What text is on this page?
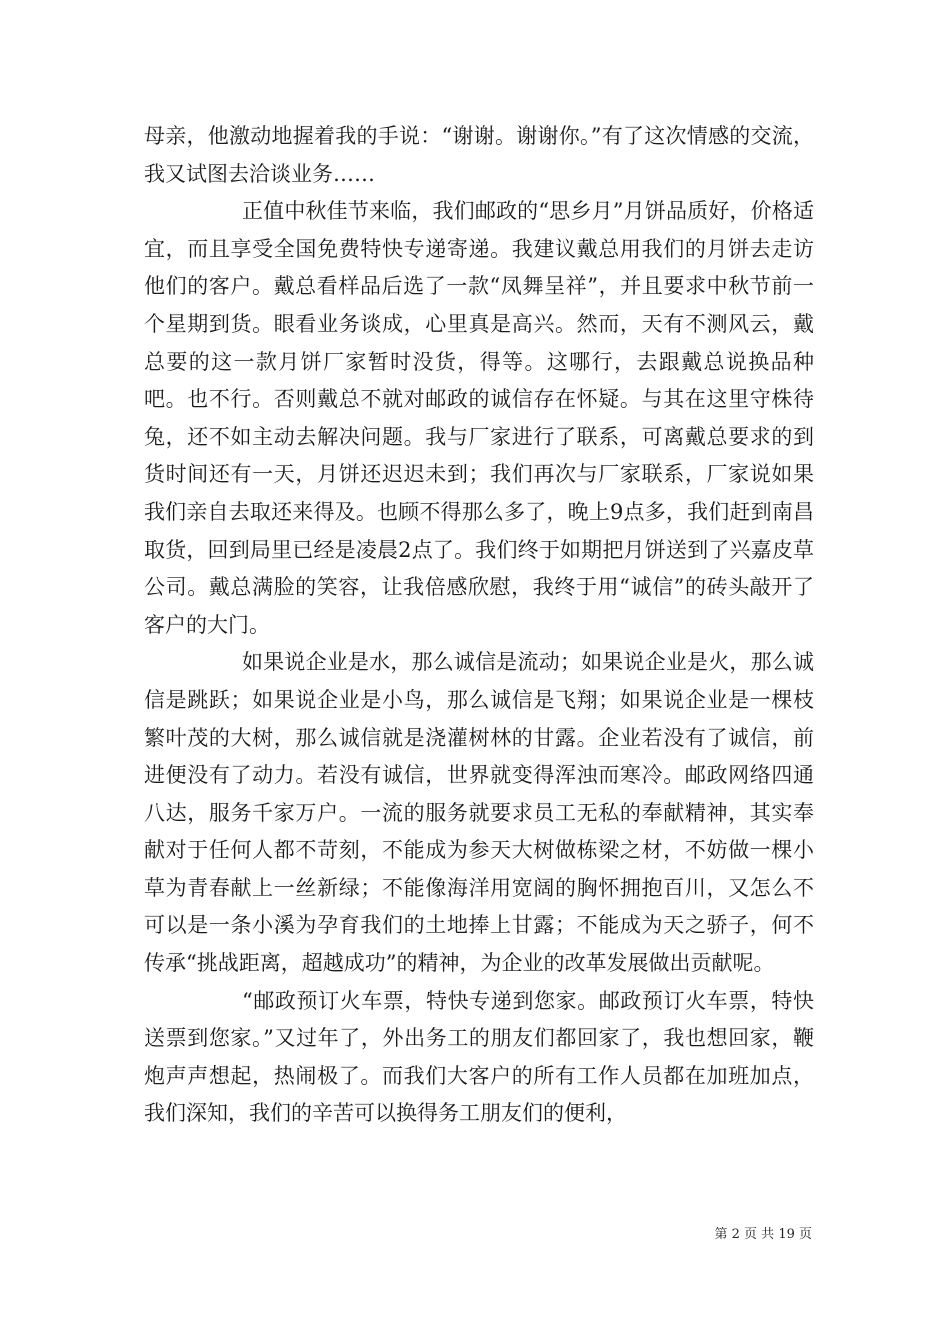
母亲，他激动地握着我的手说：“谢谢。谢谢你。”有了这次情感的交流，我又试图去洽谈业务……

正值中秋佳节来临，我们邮政的“思乡月”月饼品质好，价格适宜，而且享受全国免费特快专递寄递。我建议戴总用我们的月饼去走访他们的客户。戴总看样品后选了一款“凤舞呈祥”，并且要求中秋节前一个星期到货。眼看业务谈成，心里真是高兴。然而，天有不测风云，戴总要的这一款月饼厂家暂时没货，得等。这哪行，去跟戴总说换品种吧。也不行。否则戴总不就对邮政的诚信存在怀疑。与其在这里守株待兔，还不如主动去解决问题。我与厂家进行了联系，可离戴总要求的到货时间还有一天，月饼还迟迟未到；我们再次与厂家联系，厂家说如果我们亲自去取还来得及。也顾不得那么多了，晚上9点多，我们赶到南昌取货，回到局里已经是凌晨2点了。我们终于如期把月饼送到了兴嘉皮草公司。戴总满脸的笑容，让我倍感欣慰，我终于用“诚信”的砖头敲开了客户的大门。

如果说企业是水，那么诚信是流动；如果说企业是火，那么诚信是跳跃；如果说企业是小鸟，那么诚信是飞翔；如果说企业是一棵枝繁叶茂的大树，那么诚信就是浇灌树林的甘露。企业若没有了诚信，前进便没有了动力。若没有诚信，世界就变得浑浊而寒冷。邮政网络四通八达，服务千家万户。一流的服务就要求员工无私的奉献精神，其实奉献对于任何人都不苛刻，不能成为参天大树做栋梁之材，不妨做一棵小草为青春献上一丝新绿；不能像海洋用宽阔的胸怀拥抱百川，又怎么不可以是一条小溪为孕育我们的土地捧上甘露；不能成为天之骄子，何不传承“挑战距离，超越成功”的精神，为企业的改革发展做出贡献呢。

“邮政预订火车票，特快专递到您家。邮政预订火车票，特快送票到您家。”又过年了，外出务工的朋友们都回家了，我也想回家，鞭炮声声想起，热闹极了。而我们大客户的所有工作人员都在加班加点，我们深知，我们的辛苦可以换得务工朋友们的便利，

第 2 页 共 19 页
